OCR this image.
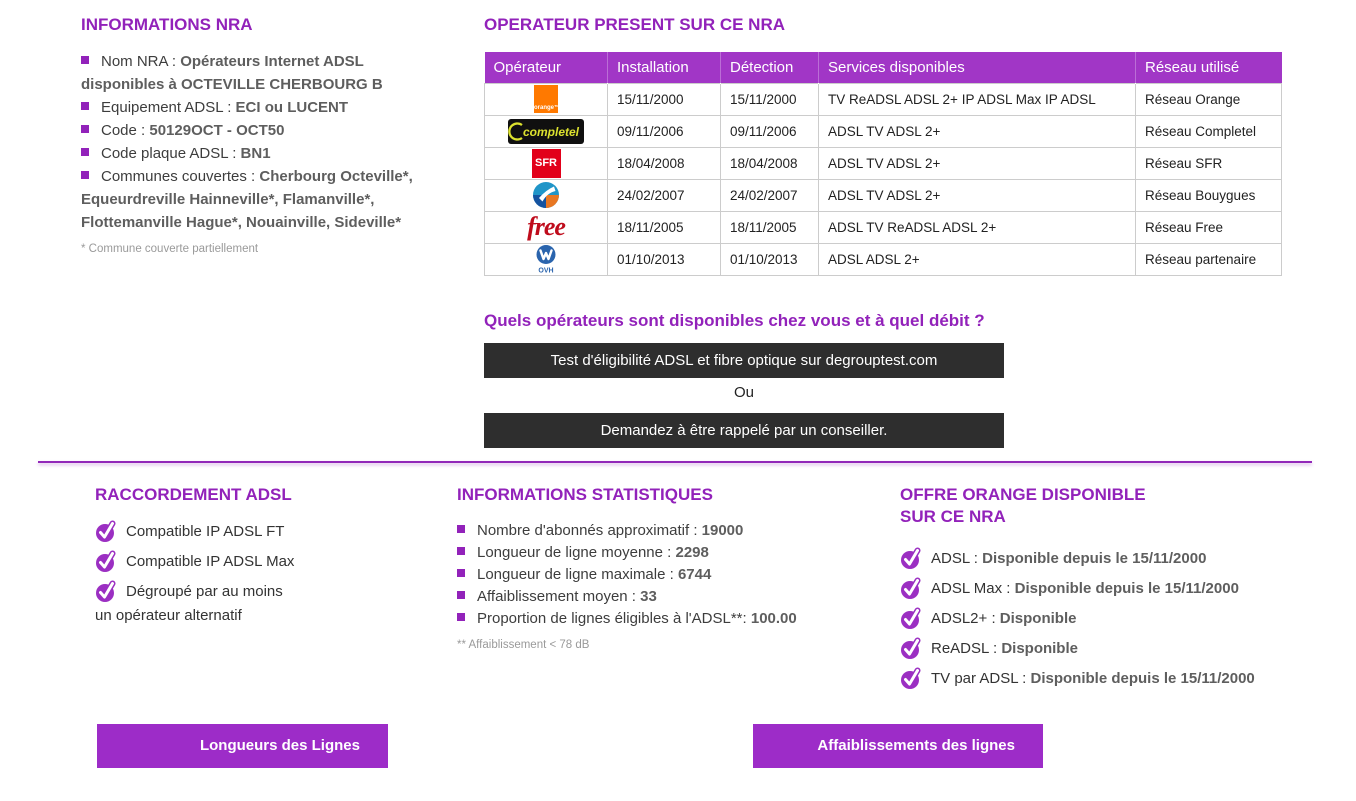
INFORMATIONS NRA
Nom NRA : Opérateurs Internet ADSL disponibles à OCTEVILLE CHERBOURG B
Equipement ADSL : ECI ou LUCENT
Code : 50129OCT - OCT50
Code plaque ADSL : BN1
Communes couvertes : Cherbourg Octeville*, Equeurdreville Hainneville*, Flamanville*, Flottemanville Hague*, Nouainville, Sideville*
* Commune couverte partiellement
OPERATEUR PRESENT SUR CE NRA
Opérateur	Installation	Détection	Services disponibles	Réseau utilisé

orange™	15/11/2000	15/11/2000	TV ReADSL ADSL 2+ IP ADSL Max IP ADSL	Réseau Orange

completel	09/11/2006	09/11/2006	ADSL TV ADSL 2+	Réseau Completel

SFR	18/04/2008	18/04/2008	ADSL TV ADSL 2+	Réseau SFR

	24/02/2007	24/02/2007	ADSL TV ADSL 2+	Réseau Bouygues

free	18/11/2005	18/11/2005	ADSL TV ReADSL ADSL 2+	Réseau Free

OVH	01/10/2013	01/10/2013	ADSL ADSL 2+	Réseau partenaire
Quels opérateurs sont disponibles chez vous et à quel débit ?
Test d'éligibilité ADSL et fibre optique sur degrouptest.com
Ou
Demandez à être rappelé par un conseiller.
RACCORDEMENT ADSL
Compatible IP ADSL FT
Compatible IP ADSL Max
Dégroupé par au moins un opérateur alternatif
INFORMATIONS STATISTIQUES
Nombre d'abonnés approximatif : 19000
Longueur de ligne moyenne : 2298
Longueur de ligne maximale : 6744
Affaiblissement moyen : 33
Proportion de lignes éligibles à l'ADSL**: 100.00
** Affaiblissement < 78 dB
OFFRE ORANGE DISPONIBLE
SUR CE NRA
ADSL : Disponible depuis le 15/11/2000
ADSL Max : Disponible depuis le 15/11/2000
ADSL2+ : Disponible
ReADSL : Disponible
TV par ADSL : Disponible depuis le 15/11/2000
Longueurs des Lignes	Affaiblissements des lignes
